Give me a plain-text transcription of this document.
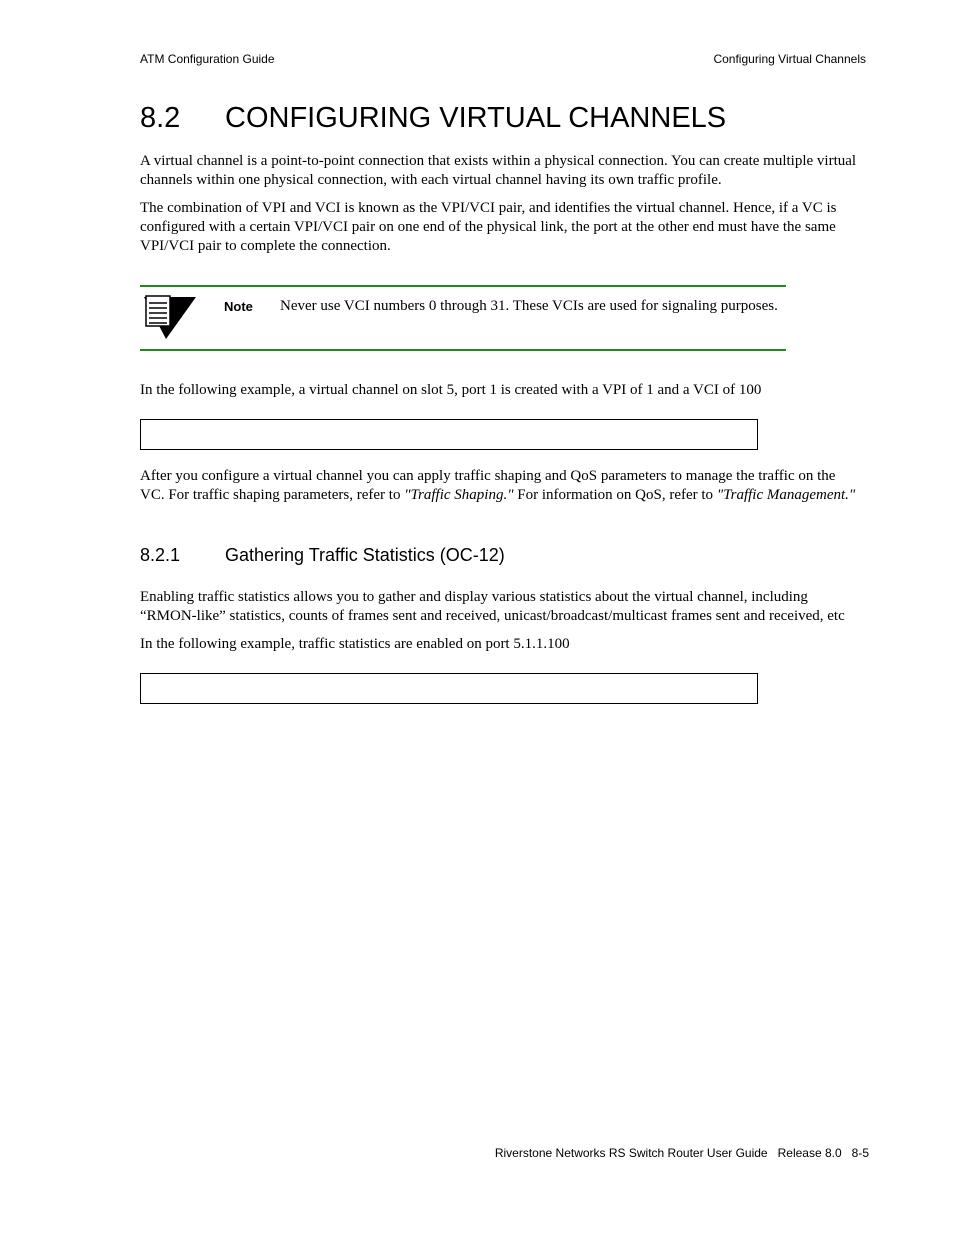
ATM Configuration Guide	Configuring Virtual Channels
8.2 CONFIGURING VIRTUAL CHANNELS
A virtual channel is a point-to-point connection that exists within a physical connection. You can create multiple virtual channels within one physical connection, with each virtual channel having its own traffic profile.
The combination of VPI and VCI is known as the VPI/VCI pair, and identifies the virtual channel. Hence, if a VC is configured with a certain VPI/VCI pair on one end of the physical link, the port at the other end must have the same VPI/VCI pair to complete the connection.
Note Never use VCI numbers 0 through 31. These VCIs are used for signaling purposes.
In the following example, a virtual channel on slot 5, port 1 is created with a VPI of 1 and a VCI of 100
After you configure a virtual channel you can apply traffic shaping and QoS parameters to manage the traffic on the
VC. For traffic shaping parameters, refer to "Traffic Shaping." For information on QoS, refer to "Traffic Management."
8.2.1 Gathering Traffic Statistics (OC-12)
Enabling traffic statistics allows you to gather and display various statistics about the virtual channel, including
“RMON-like” statistics, counts of frames sent and received, unicast/broadcast/multicast frames sent and received, etc
In the following example, traffic statistics are enabled on port 5.1.1.100
Riverstone Networks RS Switch Router User Guide   Release 8.0   8-5
